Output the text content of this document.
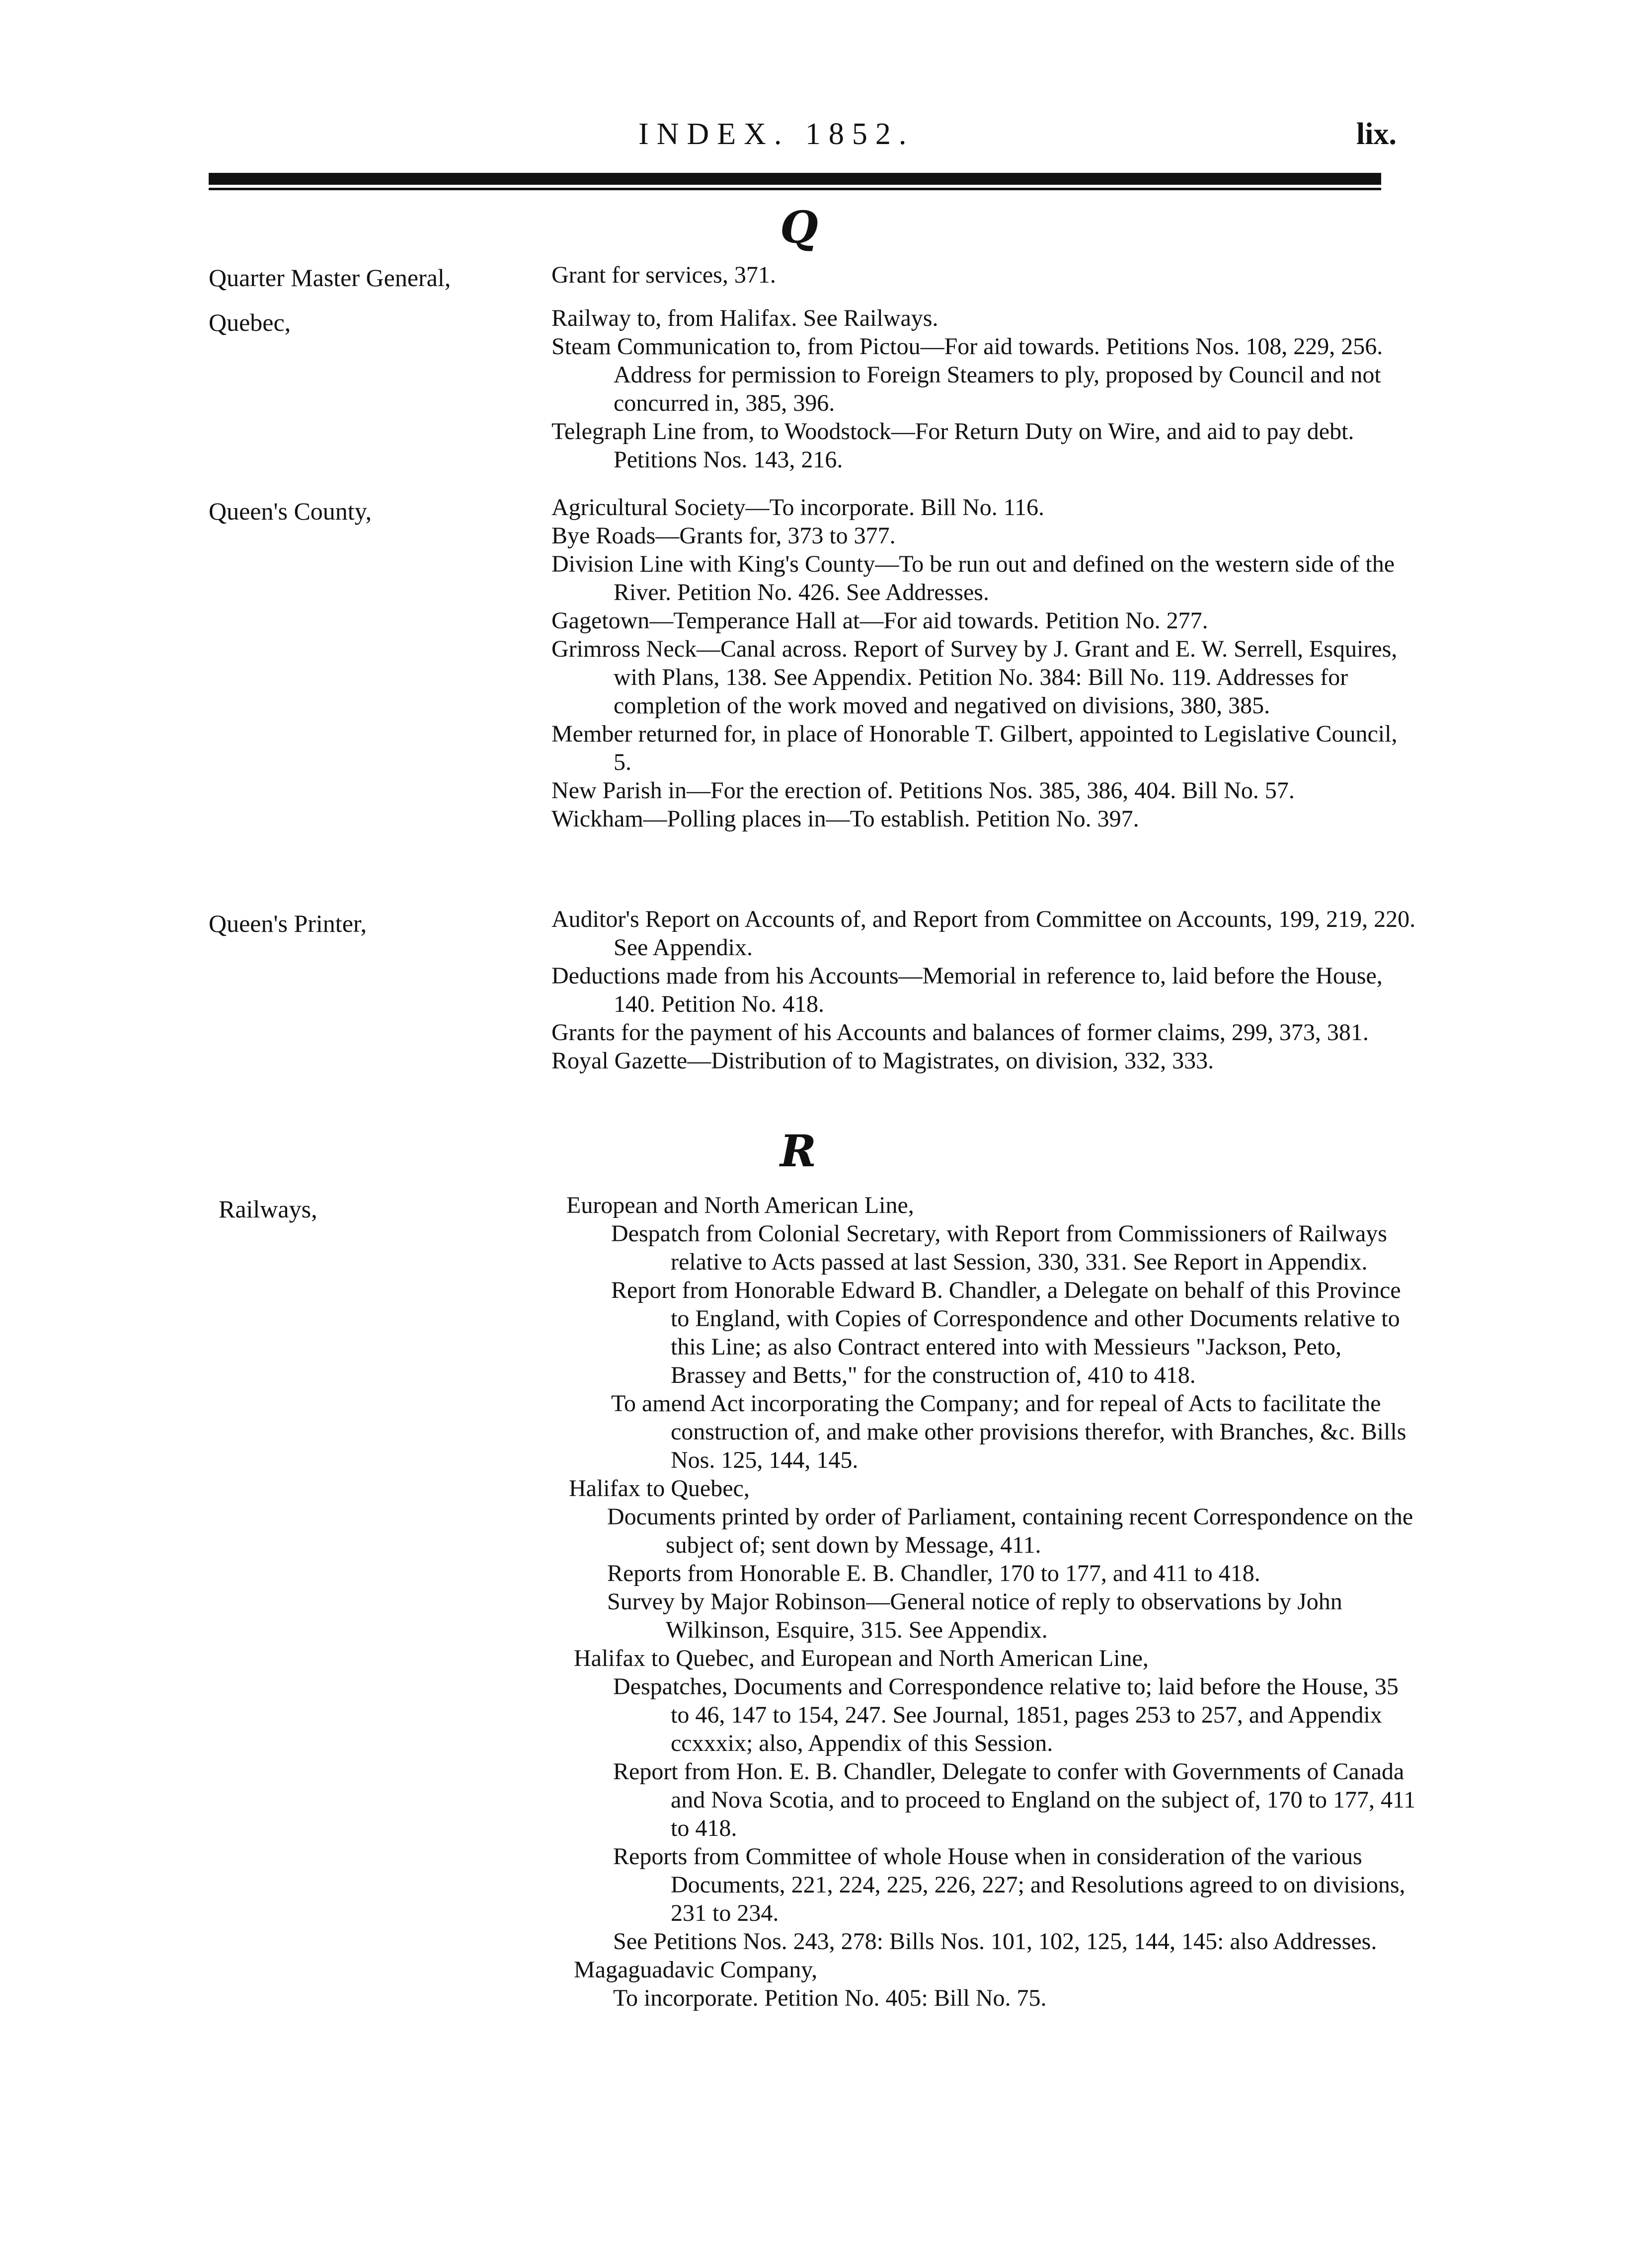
INDEX. 1852.	lix.
Q
Quarter Master General,	Grant for services, 371.
Quebec,	Railway to, from Halifax. See Railways.
Steam Communication to, from Pictou—For aid towards. Petitions Nos. 108, 229, 256. Address for permission to Foreign Steamers to ply, proposed by Council and not concurred in, 385, 396.
Telegraph Line from, to Woodstock—For Return Duty on Wire, and aid to pay debt. Petitions Nos. 143, 216.
Queen's County,	Agricultural Society—To incorporate. Bill No. 116.
Bye Roads—Grants for, 373 to 377.
Division Line with King's County—To be run out and defined on the western side of the River. Petition No. 426. See Addresses.
Gagetown—Temperance Hall at—For aid towards. Petition No. 277.
Grimross Neck—Canal across. Report of Survey by J. Grant and E. W. Serrell, Esquires, with Plans, 138. See Appendix. Petition No. 384: Bill No. 119. Addresses for completion of the work moved and negatived on divisions, 380, 385.
Member returned for, in place of Honorable T. Gilbert, appointed to Legislative Council, 5.
New Parish in—For the erection of. Petitions Nos. 385, 386, 404. Bill No. 57.
Wickham—Polling places in—To establish. Petition No. 397.
Queen's Printer,	Auditor's Report on Accounts of, and Report from Committee on Accounts, 199, 219, 220. See Appendix.
Deductions made from his Accounts—Memorial in reference to, laid before the House, 140. Petition No. 418.
Grants for the payment of his Accounts and balances of former claims, 299, 373, 381.
Royal Gazette—Distribution of to Magistrates, on division, 332, 333.
R
Railways,	European and North American Line,
Despatch from Colonial Secretary, with Report from Commissioners of Railways relative to Acts passed at last Session, 330, 331. See Report in Appendix.
Report from Honorable Edward B. Chandler, a Delegate on behalf of this Province to England, with Copies of Correspondence and other Documents relative to this Line; as also Contract entered into with Messieurs "Jackson, Peto, Brassey and Betts," for the construction of, 410 to 418.
To amend Act incorporating the Company; and for repeal of Acts to facilitate the construction of, and make other provisions therefor, with Branches, &c. Bills Nos. 125, 144, 145.
Halifax to Quebec,
Documents printed by order of Parliament, containing recent Correspondence on the subject of; sent down by Message, 411.
Reports from Honorable E. B. Chandler, 170 to 177, and 411 to 418.
Survey by Major Robinson—General notice of reply to observations by John Wilkinson, Esquire, 315. See Appendix.
Halifax to Quebec, and European and North American Line,
Despatches, Documents and Correspondence relative to; laid before the House, 35 to 46, 147 to 154, 247. See Journal, 1851, pages 253 to 257, and Appendix ccxxxix; also, Appendix of this Session.
Report from Hon. E. B. Chandler, Delegate to confer with Governments of Canada and Nova Scotia, and to proceed to England on the subject of, 170 to 177, 411 to 418.
Reports from Committee of whole House when in consideration of the various Documents, 221, 224, 225, 226, 227; and Resolutions agreed to on divisions, 231 to 234.
See Petitions Nos. 243, 278: Bills Nos. 101, 102, 125, 144, 145: also Addresses.
Magaguadavic Company,
To incorporate. Petition No. 405: Bill No. 75.
